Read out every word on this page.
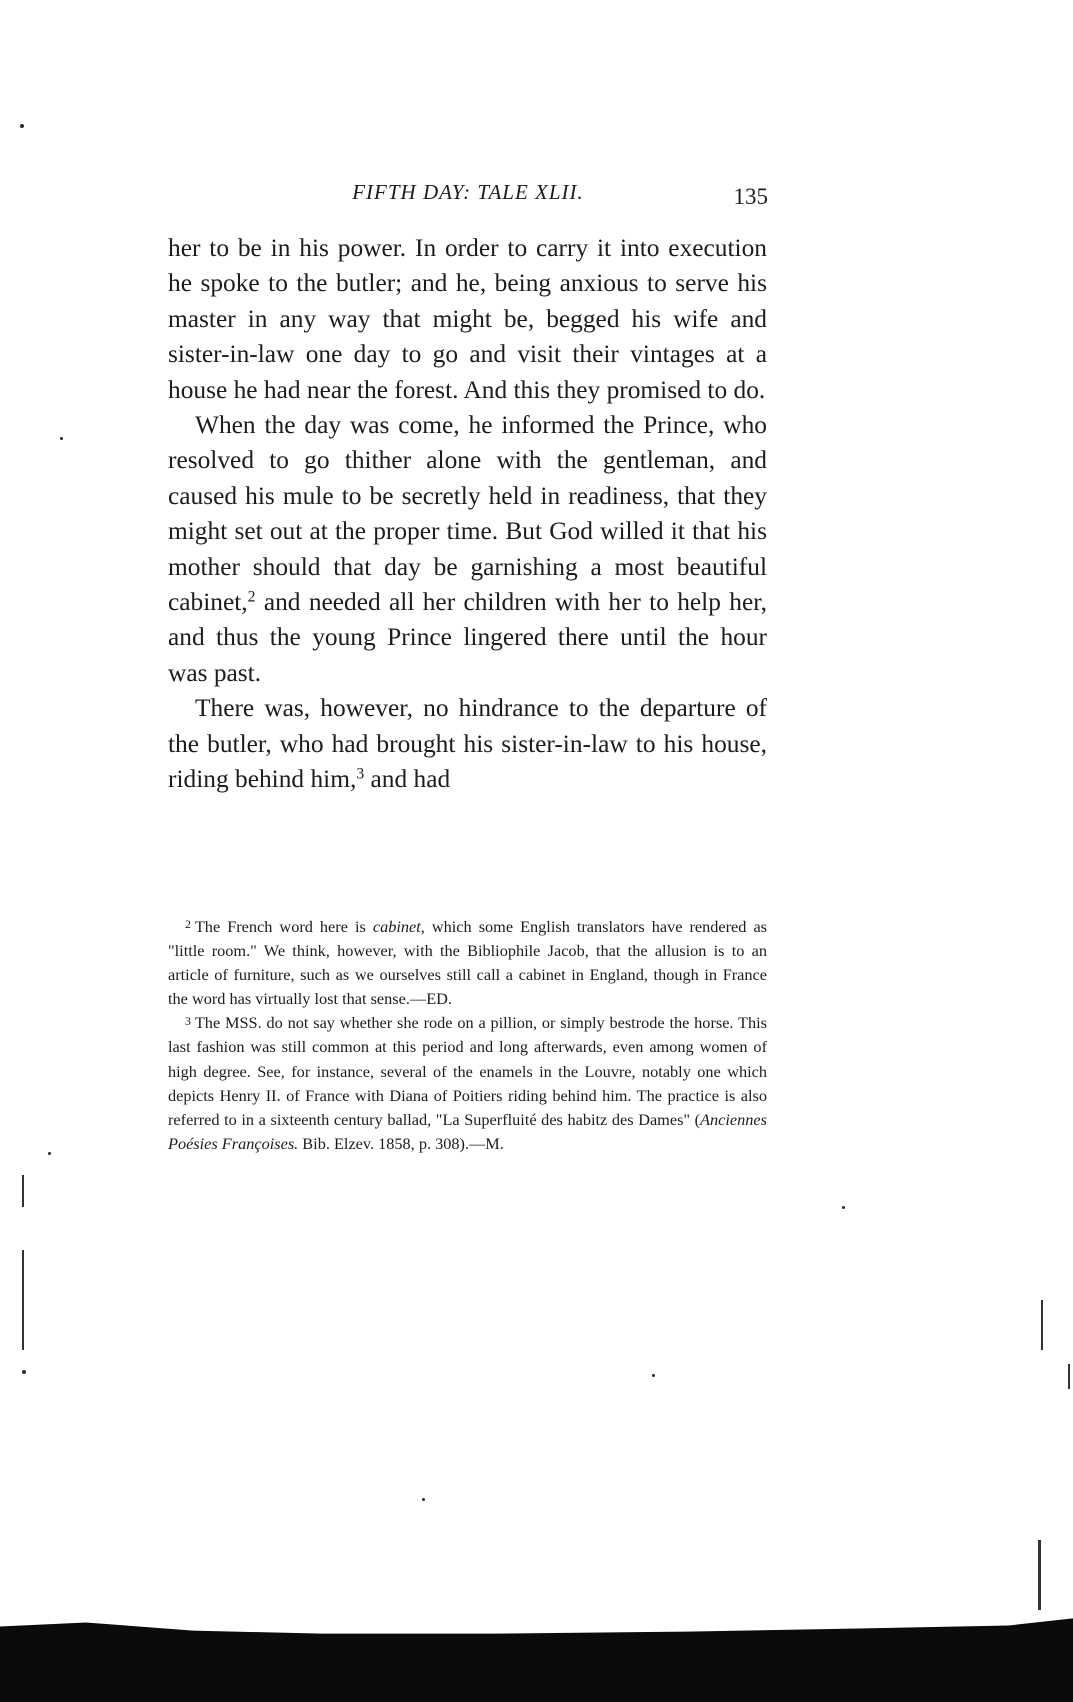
FIFTH DAY: TALE XLII.	135

her to be in his power. In order to carry it into execution he spoke to the butler; and he, being anxious to serve his master in any way that might be, begged his wife and sister-in-law one day to go and visit their vintages at a house he had near the forest. And this they promised to do.

When the day was come, he informed the Prince, who resolved to go thither alone with the gentleman, and caused his mule to be secretly held in readiness, that they might set out at the proper time. But God willed it that his mother should that day be garnishing a most beautiful cabinet,$^2$ and needed all her children with her to help her, and thus the young Prince lingered there until the hour was past.

There was, however, no hindrance to the departure of the butler, who had brought his sister-in-law to his house, riding behind him,$^3$ and had

$^2$ The French word here is cabinet, which some English translators have rendered as "little room." We think, however, with the Bibliophile Jacob, that the allusion is to an article of furniture, such as we ourselves still call a cabinet in England, though in France the word has virtually lost that sense.—ED.

$^3$ The MSS. do not say whether she rode on a pillion, or simply bestrode the horse. This last fashion was still common at this period and long afterwards, even among women of high degree. See, for instance, several of the enamels in the Louvre, notably one which depicts Henry II. of France with Diana of Poitiers riding behind him. The practice is also referred to in a sixteenth century ballad, "La Superfluité des habitz des Dames" (Anciennes Poésies Françoises. Bib. Elzev. 1858, p. 308).—M.
